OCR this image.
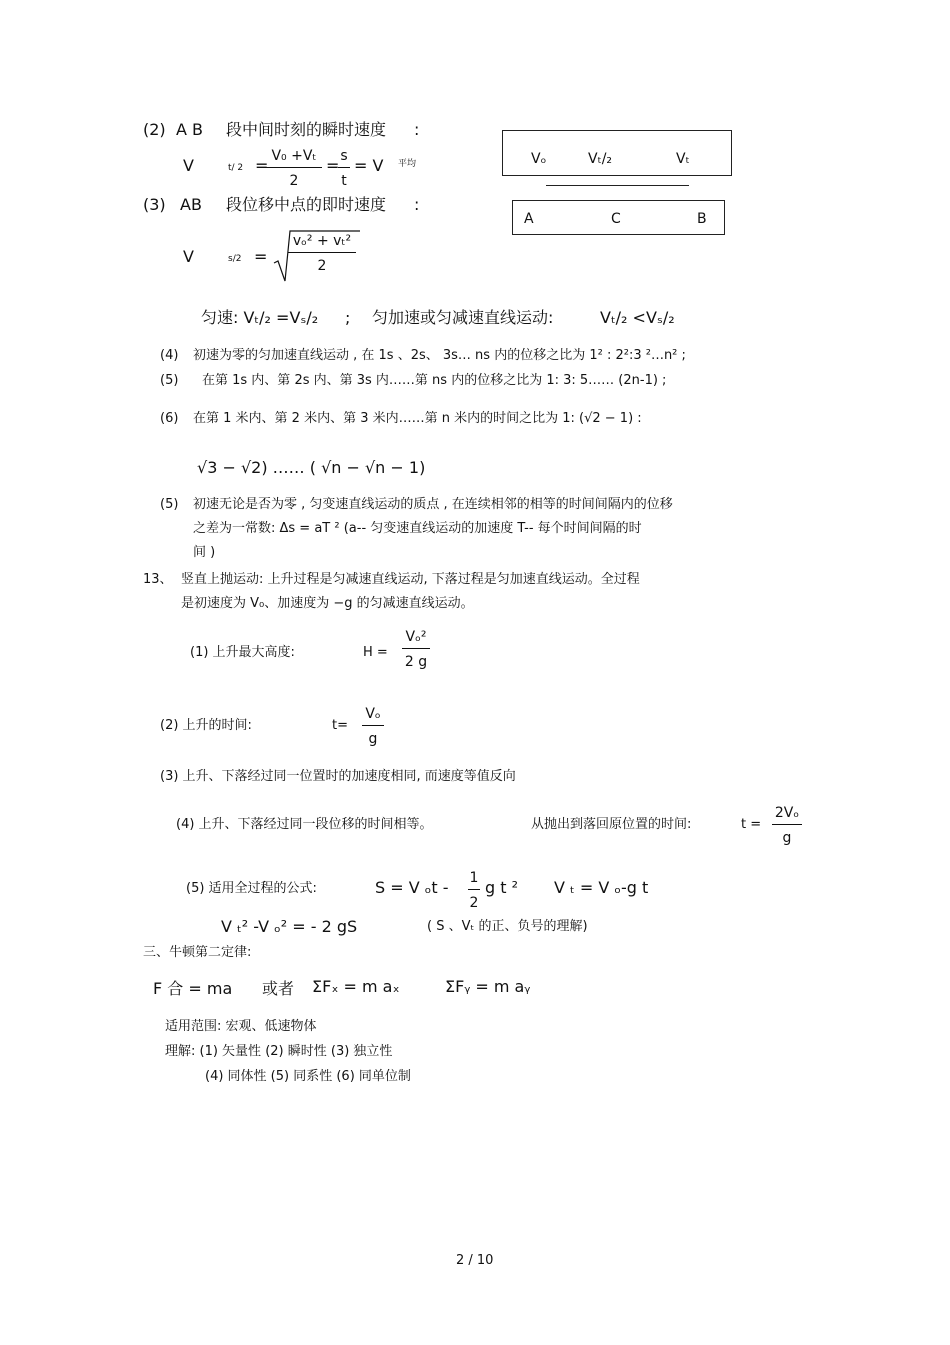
(2) A B 段中间时刻的瞬时速度 :
V	t/ 2 = V₀ +Vₜ
2
= s
t
= V 平均	Vₒ	Vₜ/₂	Vₜ
A	C	B
(3) AB 段位移中点的即时速度 :
V	s/2 =
vₒ² + vₜ²
2
匀速: Vₜ/₂ =Vₛ/₂ ; 匀加速或匀减速直线运动:	Vₜ/₂ <Vₛ/₂
(4) 初速为零的匀加速直线运动 , 在 1s 、2s、 3s… ns 内的位移之比为 1² : 2²:3 ²…n² ;
(5) 在第 1s 内、第 2s 内、第 3s 内……第 ns 内的位移之比为 1: 3: 5…… (2n-1) ;
(6) 在第 1 米内、第 2 米内、第 3 米内……第 n 米内的时间之比为 1: (√2 − 1) :
√3 − √2) …… ( √n − √n − 1)
(5) 初速无论是否为零 , 匀变速直线运动的质点 , 在连续相邻的相等的时间间隔内的位移
之差为一常数: Δs = aT ² (a-- 匀变速直线运动的加速度 T-- 每个时间间隔的时
间 )
13、 竖直上抛运动: 上升过程是匀减速直线运动, 下落过程是匀加速直线运动。全过程
是初速度为 V₀、加速度为 −g 的匀减速直线运动。
(1) 上升最大高度:	H =
Vₒ²
2 g
(2) 上升的时间:	t=
Vₒ
g
(3) 上升、下落经过同一位置时的加速度相同, 而速度等值反向
(4) 上升、下落经过同一段位移的时间相等。	从抛出到落回原位置的时间:	t =
2Vₒ
g
(5) 适用全过程的公式:	S = V ₒt - 1
2
g t ² V ₜ = V ₒ-g t
V ₜ² -V ₒ² = - 2 gS	( S 、Vₜ 的正、负号的理解)
三、牛顿第二定律:
F 合 = ma 或者 ΣFₓ = m aₓ	ΣFᵧ = m aᵧ
适用范围: 宏观、低速物体
理解: (1) 矢量性 (2) 瞬时性 (3) 独立性
(4) 同体性 (5) 同系性 (6) 同单位制
2 / 10
